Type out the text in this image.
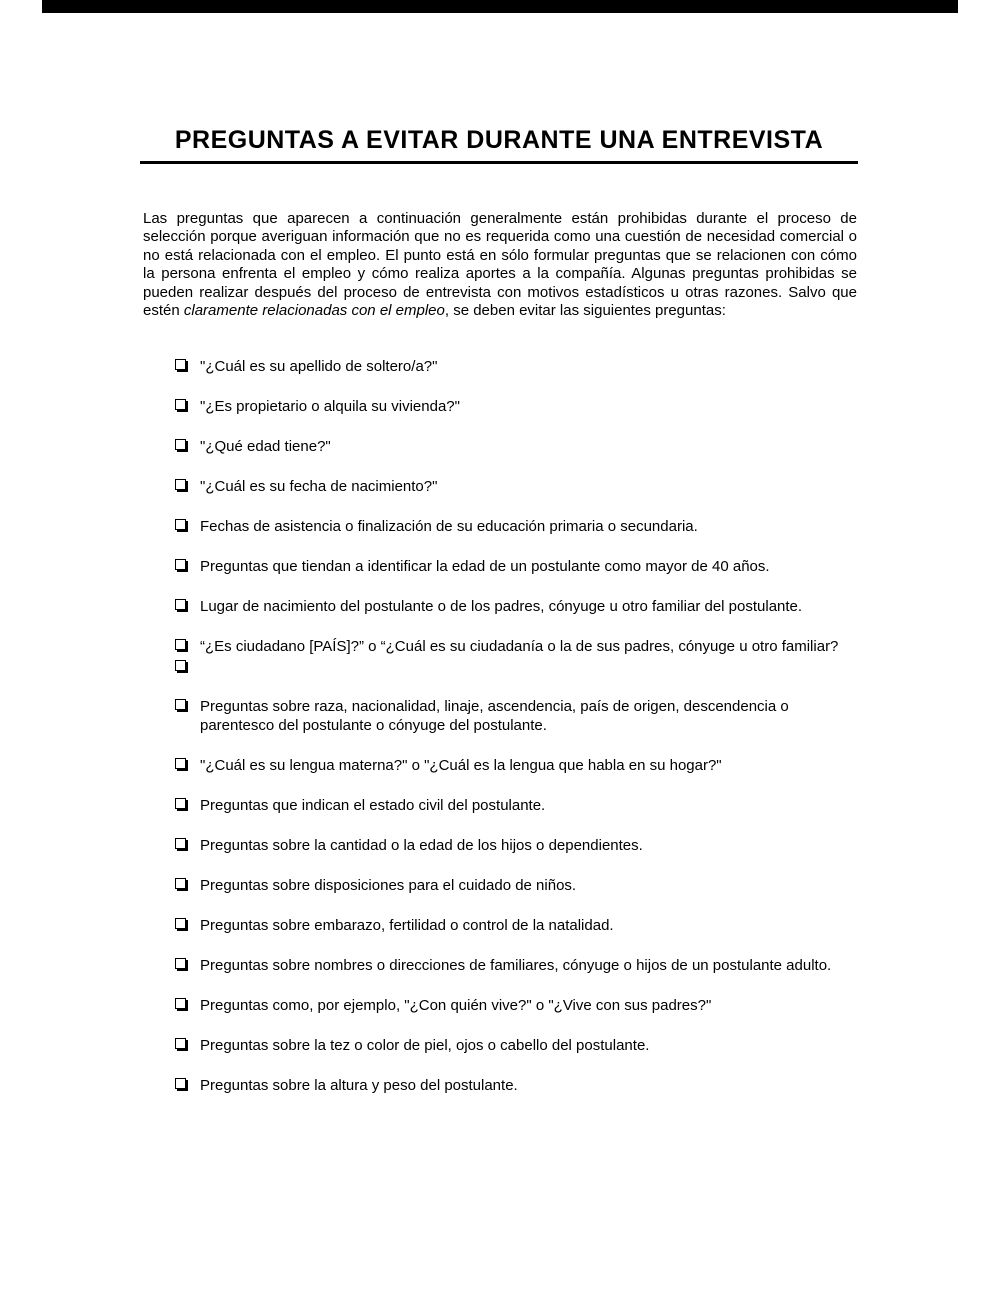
PREGUNTAS A EVITAR DURANTE UNA ENTREVISTA

Las preguntas que aparecen a continuación generalmente están prohibidas durante el proceso de selección porque averiguan información que no es requerida como una cuestión de necesidad comercial o no está relacionada con el empleo. El punto está en sólo formular preguntas que se relacionen con cómo la persona enfrenta el empleo y cómo realiza aportes a la compañía. Algunas preguntas prohibidas se pueden realizar después del proceso de entrevista con motivos estadísticos u otras razones. Salvo que estén claramente relacionadas con el empleo, se deben evitar las siguientes preguntas:

"¿Cuál es su apellido de soltero/a?"
"¿Es propietario o alquila su vivienda?"
"¿Qué edad tiene?"
"¿Cuál es su fecha de nacimiento?"
Fechas de asistencia o finalización de su educación primaria o secundaria.
Preguntas que tiendan a identificar la edad de un postulante como mayor de 40 años.
Lugar de nacimiento del postulante o de los padres, cónyuge u otro familiar del postulante.
“¿Es ciudadano [PAÍS]?” o “¿Cuál es su ciudadanía o la de sus padres, cónyuge u otro familiar?
Preguntas sobre raza, nacionalidad, linaje, ascendencia, país de origen, descendencia o parentesco del postulante o cónyuge del postulante.
"¿Cuál es su lengua materna?" o "¿Cuál es la lengua que habla en su hogar?"
Preguntas que indican el estado civil del postulante.
Preguntas sobre la cantidad o la edad de los hijos o dependientes.
Preguntas sobre disposiciones para el cuidado de niños.
Preguntas sobre embarazo, fertilidad o control de la natalidad.
Preguntas sobre nombres o direcciones de familiares, cónyuge o hijos de un postulante adulto.
Preguntas como, por ejemplo, "¿Con quién vive?" o "¿Vive con sus padres?"
Preguntas sobre la tez o color de piel, ojos o cabello del postulante.
Preguntas sobre la altura y peso del postulante.
